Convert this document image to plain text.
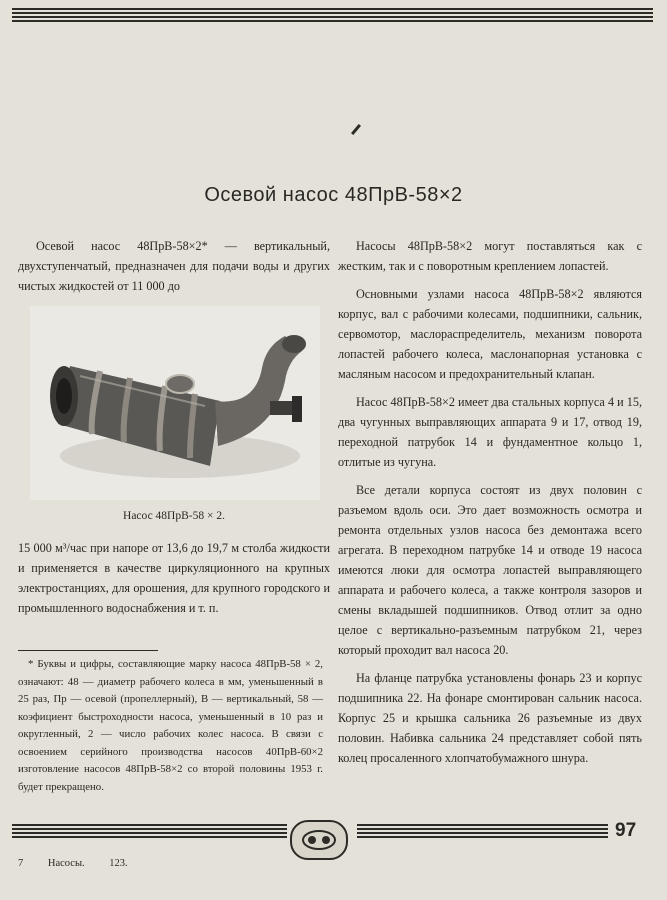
Осевой насос 48ПрВ-58×2

Осевой насос 48ПрВ-58×2* — вертикальный, двухступенчатый, предназначен для подачи воды и других чистых жидкостей от 11 000 до

Насос 48ПрВ-58 × 2.

15 000 м³/час при напоре от 13,6 до 19,7 м столба жидкости и применяется в качестве циркуляционного на крупных электростанциях, для орошения, для крупного городского и промышленного водоснабжения и т. п.

* Буквы и цифры, составляющие марку насоса 48ПрВ-58 × 2, означают: 48 — диаметр рабочего колеса в мм, уменьшенный в 25 раз, Пр — осевой (пропеллерный), В — вертикальный, 58 — коэфициент быстроходности насоса, уменьшенный в 10 раз и округленный, 2 — число рабочих колес насоса. В связи с освоением серийного производства насосов 40ПрВ-60×2 изготовление насосов 48ПрВ-58×2 со второй половины 1953 г. будет прекращено.

Насосы 48ПрВ-58×2 могут поставляться как с жестким, так и с поворотным креплением лопастей.

Основными узлами насоса 48ПрВ-58×2 являются корпус, вал с рабочими колесами, подшипники, сальник, сервомотор, маслораспределитель, механизм поворота лопастей рабочего колеса, маслонапорная установка с масляным насосом и предохранительный клапан.

Насос 48ПрВ-58×2 имеет два стальных корпуса 4 и 15, два чугунных выправляющих аппарата 9 и 17, отвод 19, переходной патрубок 14 и фундаментное кольцо 1, отлитые из чугуна.

Все детали корпуса состоят из двух половин с разъемом вдоль оси. Это дает возможность осмотра и ремонта отдельных узлов насоса без демонтажа всего агрегата. В переходном патрубке 14 и отводе 19 насоса имеются люки для осмотра лопастей выправляющего аппарата и рабочего колеса, а также контроля зазоров и смены вкладышей подшипников. Отвод отлит за одно целое с вертикально-разъемным патрубком 21, через который проходит вал насоса 20.

На фланце патрубка установлены фонарь 23 и корпус подшипника 22. На фонаре смонтирован сальник насоса. Корпус 25 и крышка сальника 26 разъемные из двух половин. Набивка сальника 24 представляет собой пять колец просаленного хлопчатобумажного шнура.

97
7 Насосы. 123.
